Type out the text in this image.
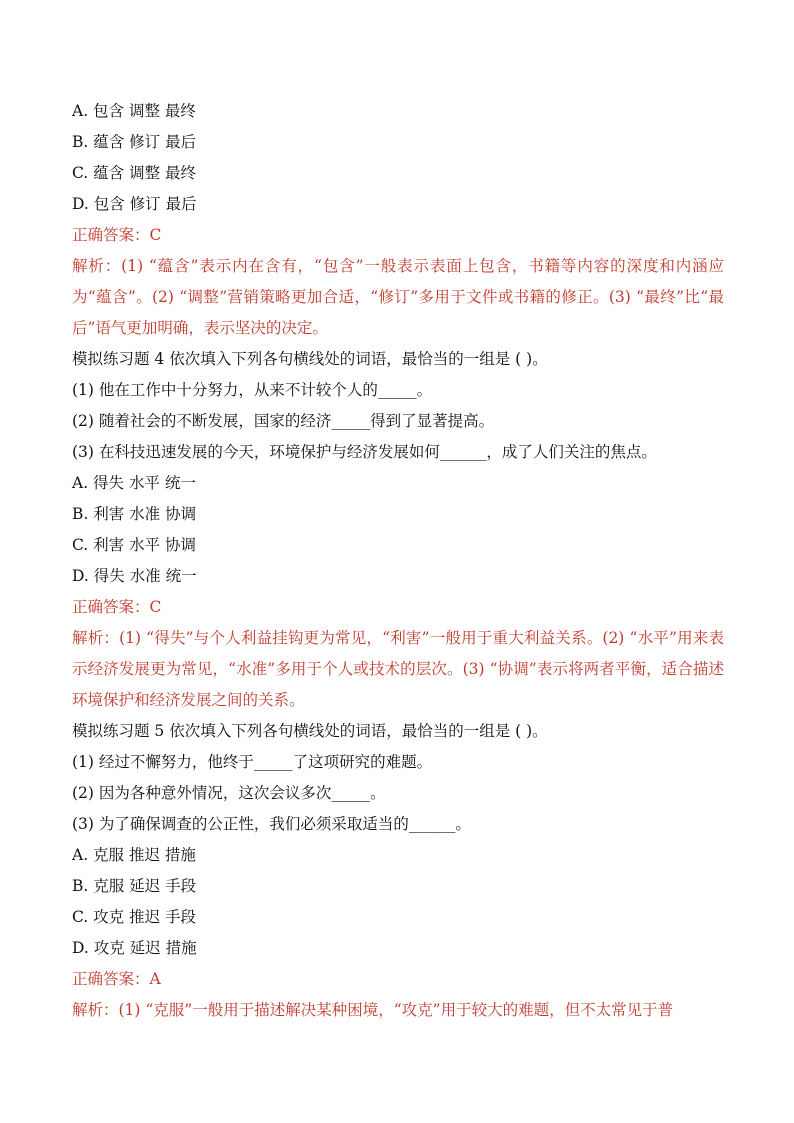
A. 包含 调整 最终
B. 蕴含 修订 最后
C. 蕴含 调整 最终
D. 包含 修订 最后
正确答案：C
解析：(1) “蕴含”表示内在含有，“包含”一般表示表面上包含，书籍等内容的深度和内涵应为“蕴含”。(2) “调整”营销策略更加合适，“修订”多用于文件或书籍的修正。(3) “最终”比“最后”语气更加明确，表示坚决的决定。
模拟练习题 4 依次填入下列各句横线处的词语，最恰当的一组是 ( )。
(1) 他在工作中十分努力，从来不计较个人的_____。
(2) 随着社会的不断发展，国家的经济_____得到了显著提高。
(3) 在科技迅速发展的今天，环境保护与经济发展如何______，成了人们关注的焦点。
A. 得失 水平 统一
B. 利害 水准 协调
C. 利害 水平 协调
D. 得失 水准 统一
正确答案：C
解析：(1) “得失”与个人利益挂钩更为常见，“利害”一般用于重大利益关系。(2) “水平”用来表示经济发展更为常见，“水准”多用于个人或技术的层次。(3) “协调”表示将两者平衡，适合描述环境保护和经济发展之间的关系。
模拟练习题 5 依次填入下列各句横线处的词语，最恰当的一组是 ( )。
(1) 经过不懈努力，他终于_____了这项研究的难题。
(2) 因为各种意外情况，这次会议多次_____。
(3) 为了确保调查的公正性，我们必须采取适当的______。
A. 克服 推迟 措施
B. 克服 延迟 手段
C. 攻克 推迟 手段
D. 攻克 延迟 措施
正确答案：A
解析：(1) “克服”一般用于描述解决某种困境，“攻克”用于较大的难题，但不太常见于普
